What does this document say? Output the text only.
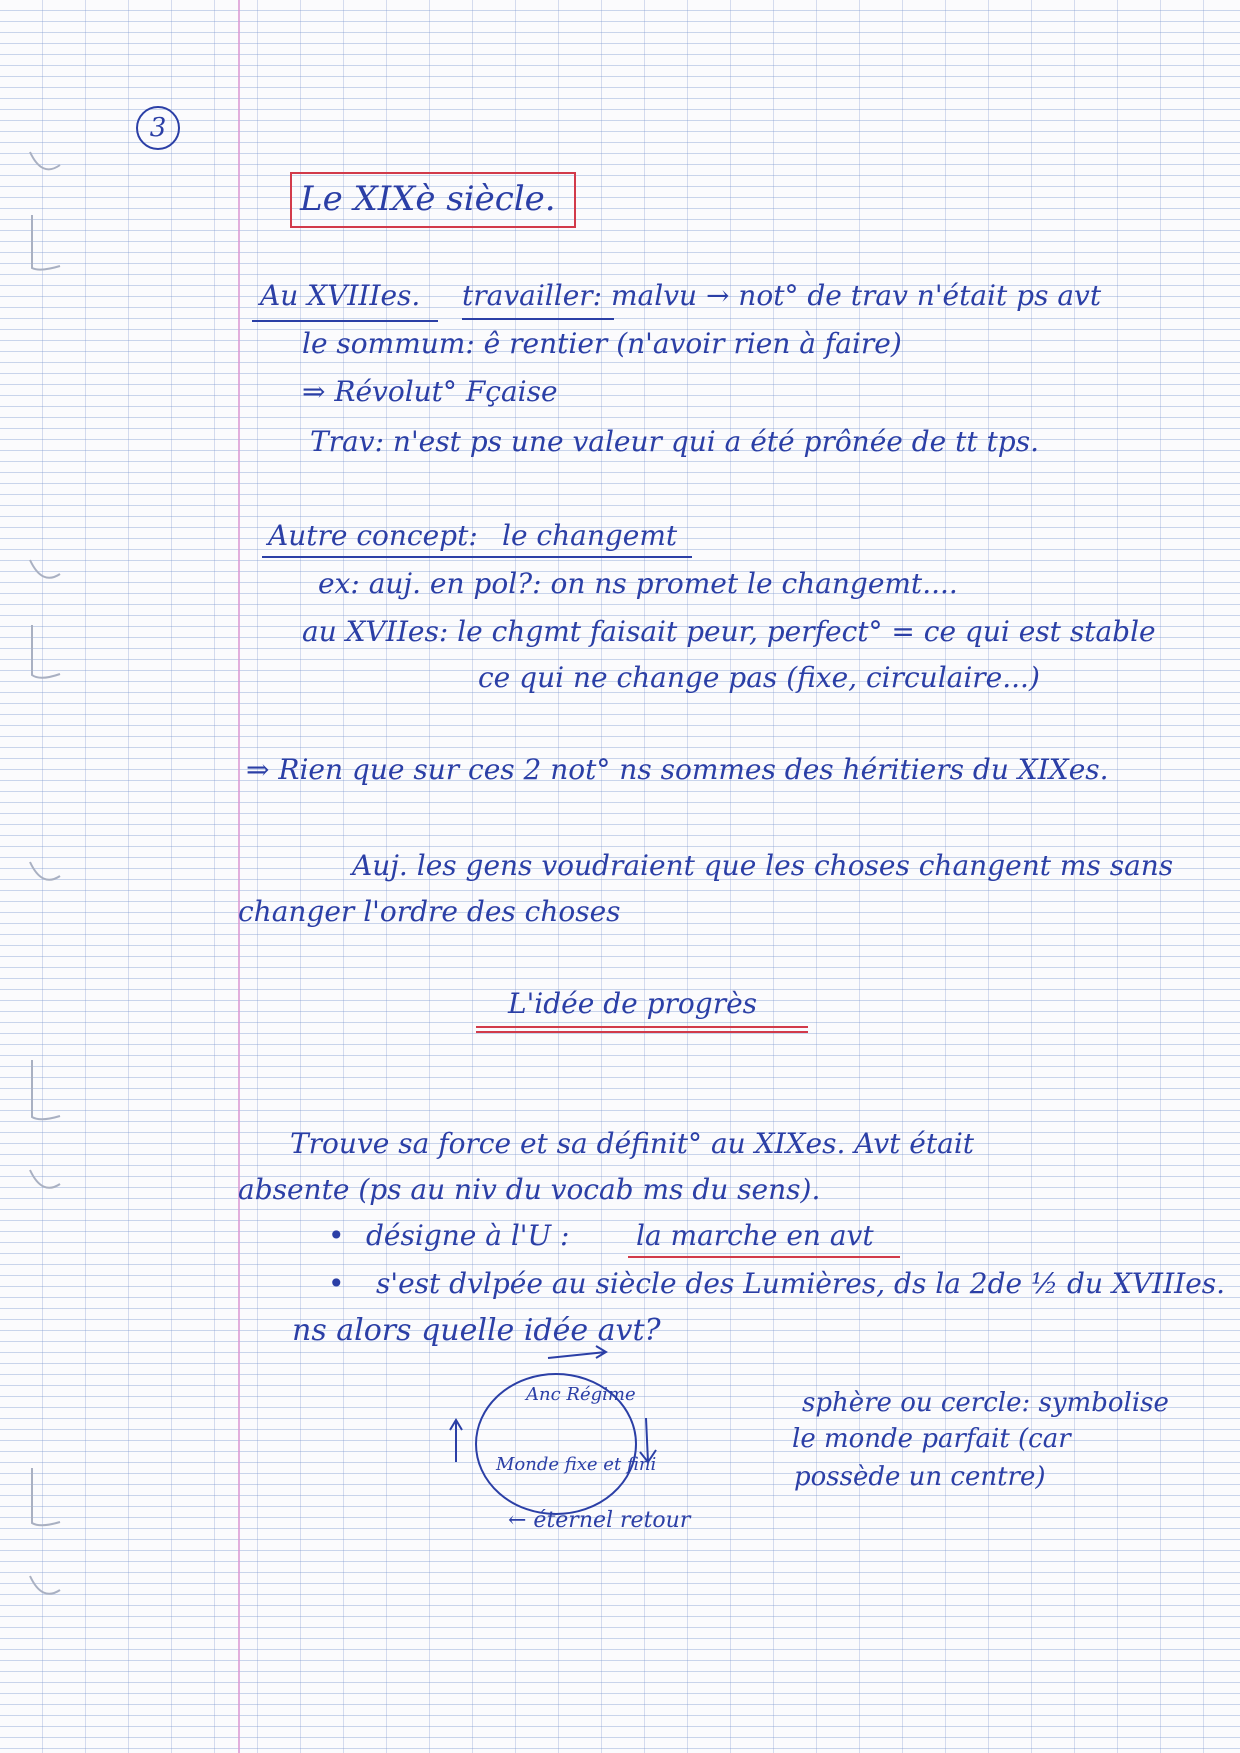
3
Le XIXè siècle.
Au XVIIIes. travailler: malvu → not° de trav n'était ps avt
le sommum: ê rentier (n'avoir rien à faire)
⇒ Révolut° Fçaise
Trav: n'est ps une valeur qui a été prônée de tt tps.
Autre concept: le changemt
ex: auj. en pol?: on ns promet le changemt....
au XVIIes: le chgmt faisait peur, perfect° = ce qui est stable
ce qui ne change pas (fixe, circulaire...)
⇒ Rien que sur ces 2 not° ns sommes des héritiers du XIXes.
Auj. les gens voudraient que les choses changent ms sans
changer l'ordre des choses
L'idée de progrès
Trouve sa force et sa définit° au XIXes. Avt était
absente (ps au niv du vocab ms du sens).
• désigne à l'U : la marche en avt
• s'est dvlpée au siècle des Lumières, ds la 2de ½ du XVIIIes.
ns alors quelle idée avt?
Anc Régime
Monde fixe et fini
← éternel retour
sphère ou cercle: symbolise
le monde parfait (car
possède un centre)
